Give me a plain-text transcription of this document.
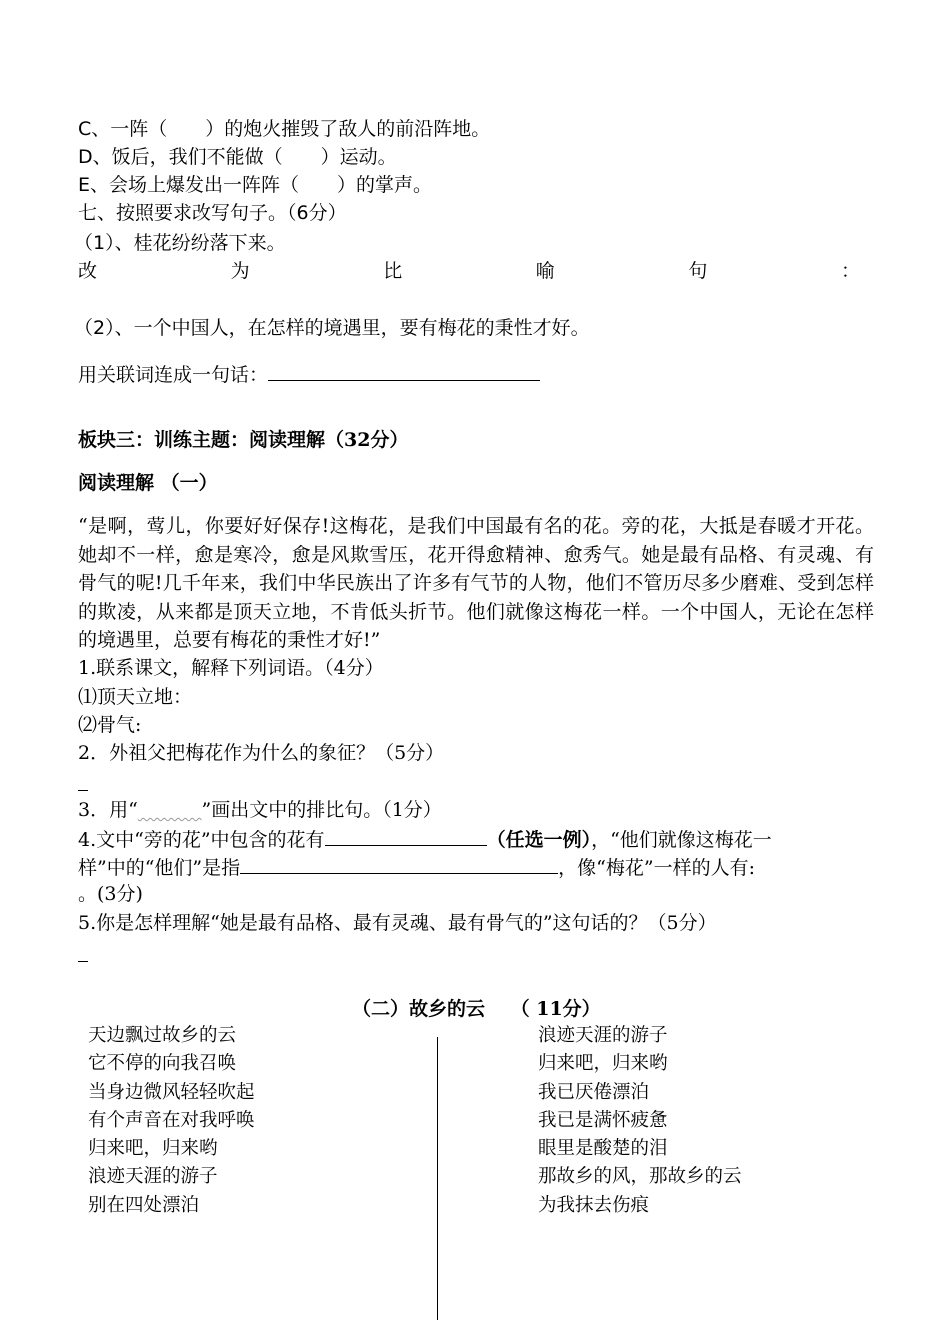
C、一阵（　　）的炮火摧毁了敌人的前沿阵地。
D、饭后，我们不能做（　　）运动。
E、会场上爆发出一阵阵（　　）的掌声。
七、按照要求改写句子。（6分）
（1）、桂花纷纷落下来。
改	为	比	喻	句	：
（2）、一个中国人，在怎样的境遇里，要有梅花的秉性才好。
用关联词连成一句话：
板块三：训练主题：阅读理解（32分）
阅读理解 （一）
“是啊，莺儿，你要好好保存!这梅花，是我们中国最有名的花。旁的花，大抵是春暖才开花。她却不一样，愈是寒冷，愈是风欺雪压，花开得愈精神、愈秀气。她是最有品格、有灵魂、有骨气的呢!几千年来，我们中华民族出了许多有气节的人物，他们不管历尽多少磨难、受到怎样的欺凌，从来都是顶天立地，不肯低头折节。他们就像这梅花一样。一个中国人，无论在怎样的境遇里，总要有梅花的秉性才好!”
1.联系课文，解释下列词语。（4分）
⑴顶天立地：
⑵骨气:
2．外祖父把梅花作为什么的象征？（5分）
3．用“	”画出文中的排比句。（1分）
4.文中“旁的花”中包含的花有	（任选一例），“他们就像这梅花一
样”中的“他们”是指	，像“梅花”一样的人有:
。(3分)
5.你是怎样理解“她是最有品格、最有灵魂、最有骨气的”这句话的？（5分）
（二）故乡的云　 （ 11分）
天边飘过故乡的云
它不停的向我召唤
当身边微风轻轻吹起
有个声音在对我呼唤
归来吧，归来哟
浪迹天涯的游子
别在四处漂泊
浪迹天涯的游子
归来吧，归来哟
我已厌倦漂泊
我已是满怀疲惫
眼里是酸楚的泪
那故乡的风，那故乡的云
为我抹去伤痕
